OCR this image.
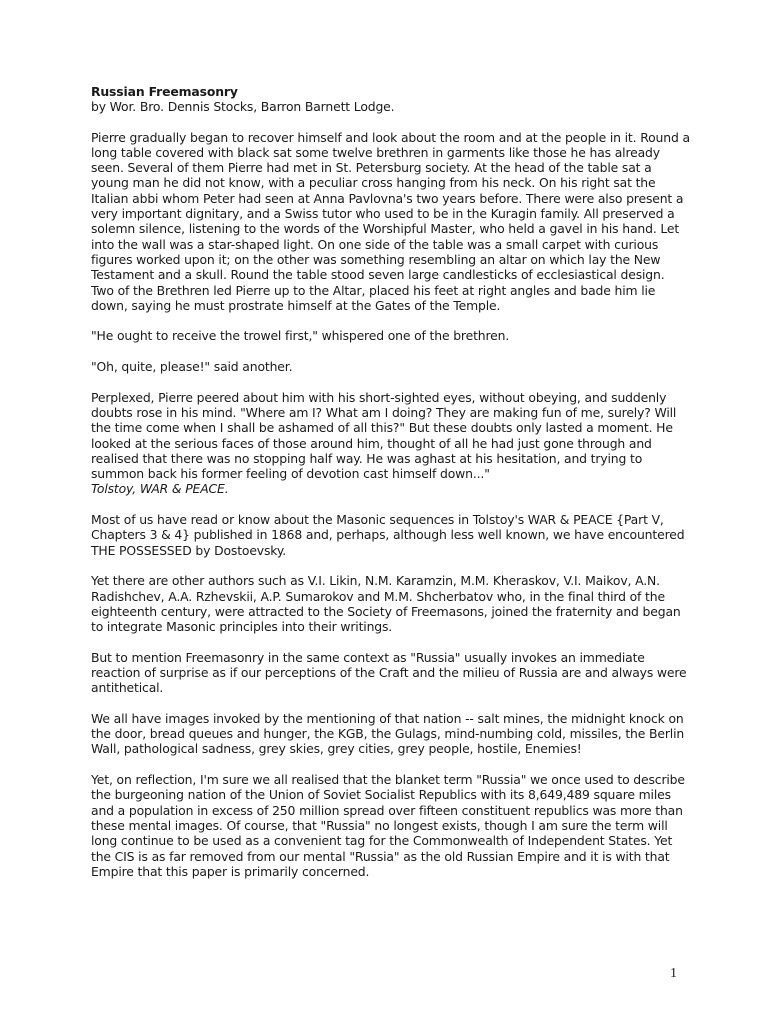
Russian Freemasonry
by Wor. Bro. Dennis Stocks, Barron Barnett Lodge.

Pierre gradually began to recover himself and look about the room and at the people in it. Round a long table covered with black sat some twelve brethren in garments like those he has already seen. Several of them Pierre had met in St. Petersburg society. At the head of the table sat a young man he did not know, with a peculiar cross hanging from his neck. On his right sat the Italian abbi whom Peter had seen at Anna Pavlovna's two years before. There were also present a very important dignitary, and a Swiss tutor who used to be in the Kuragin family. All preserved a solemn silence, listening to the words of the Worshipful Master, who held a gavel in his hand. Let into the wall was a star-shaped light. On one side of the table was a small carpet with curious figures worked upon it; on the other was something resembling an altar on which lay the New Testament and a skull. Round the table stood seven large candlesticks of ecclesiastical design. Two of the Brethren led Pierre up to the Altar, placed his feet at right angles and bade him lie down, saying he must prostrate himself at the Gates of the Temple.

"He ought to receive the trowel first," whispered one of the brethren.

"Oh, quite, please!" said another.

Perplexed, Pierre peered about him with his short-sighted eyes, without obeying, and suddenly doubts rose in his mind. "Where am I? What am I doing? They are making fun of me, surely? Will the time come when I shall be ashamed of all this?" But these doubts only lasted a moment. He looked at the serious faces of those around him, thought of all he had just gone through and realised that there was no stopping half way. He was aghast at his hesitation, and trying to summon back his former feeling of devotion cast himself down..."
Tolstoy, WAR & PEACE.

Most of us have read or know about the Masonic sequences in Tolstoy's WAR & PEACE {Part V, Chapters 3 & 4} published in 1868 and, perhaps, although less well known, we have encountered THE POSSESSED by Dostoevsky.

Yet there are other authors such as V.I. Likin, N.M. Karamzin, M.M. Kheraskov, V.I. Maikov, A.N. Radishchev, A.A. Rzhevskii, A.P. Sumarokov and M.M. Shcherbatov who, in the final third of the eighteenth century, were attracted to the Society of Freemasons, joined the fraternity and began to integrate Masonic principles into their writings.

But to mention Freemasonry in the same context as "Russia" usually invokes an immediate reaction of surprise as if our perceptions of the Craft and the milieu of Russia are and always were antithetical.

We all have images invoked by the mentioning of that nation -- salt mines, the midnight knock on the door, bread queues and hunger, the KGB, the Gulags, mind-numbing cold, missiles, the Berlin Wall, pathological sadness, grey skies, grey cities, grey people, hostile, Enemies!

Yet, on reflection, I'm sure we all realised that the blanket term "Russia" we once used to describe the burgeoning nation of the Union of Soviet Socialist Republics with its 8,649,489 square miles and a population in excess of 250 million spread over fifteen constituent republics was more than these mental images. Of course, that "Russia" no longest exists, though I am sure the term will long continue to be used as a convenient tag for the Commonwealth of Independent States. Yet the CIS is as far removed from our mental "Russia" as the old Russian Empire and it is with that Empire that this paper is primarily concerned.

1
